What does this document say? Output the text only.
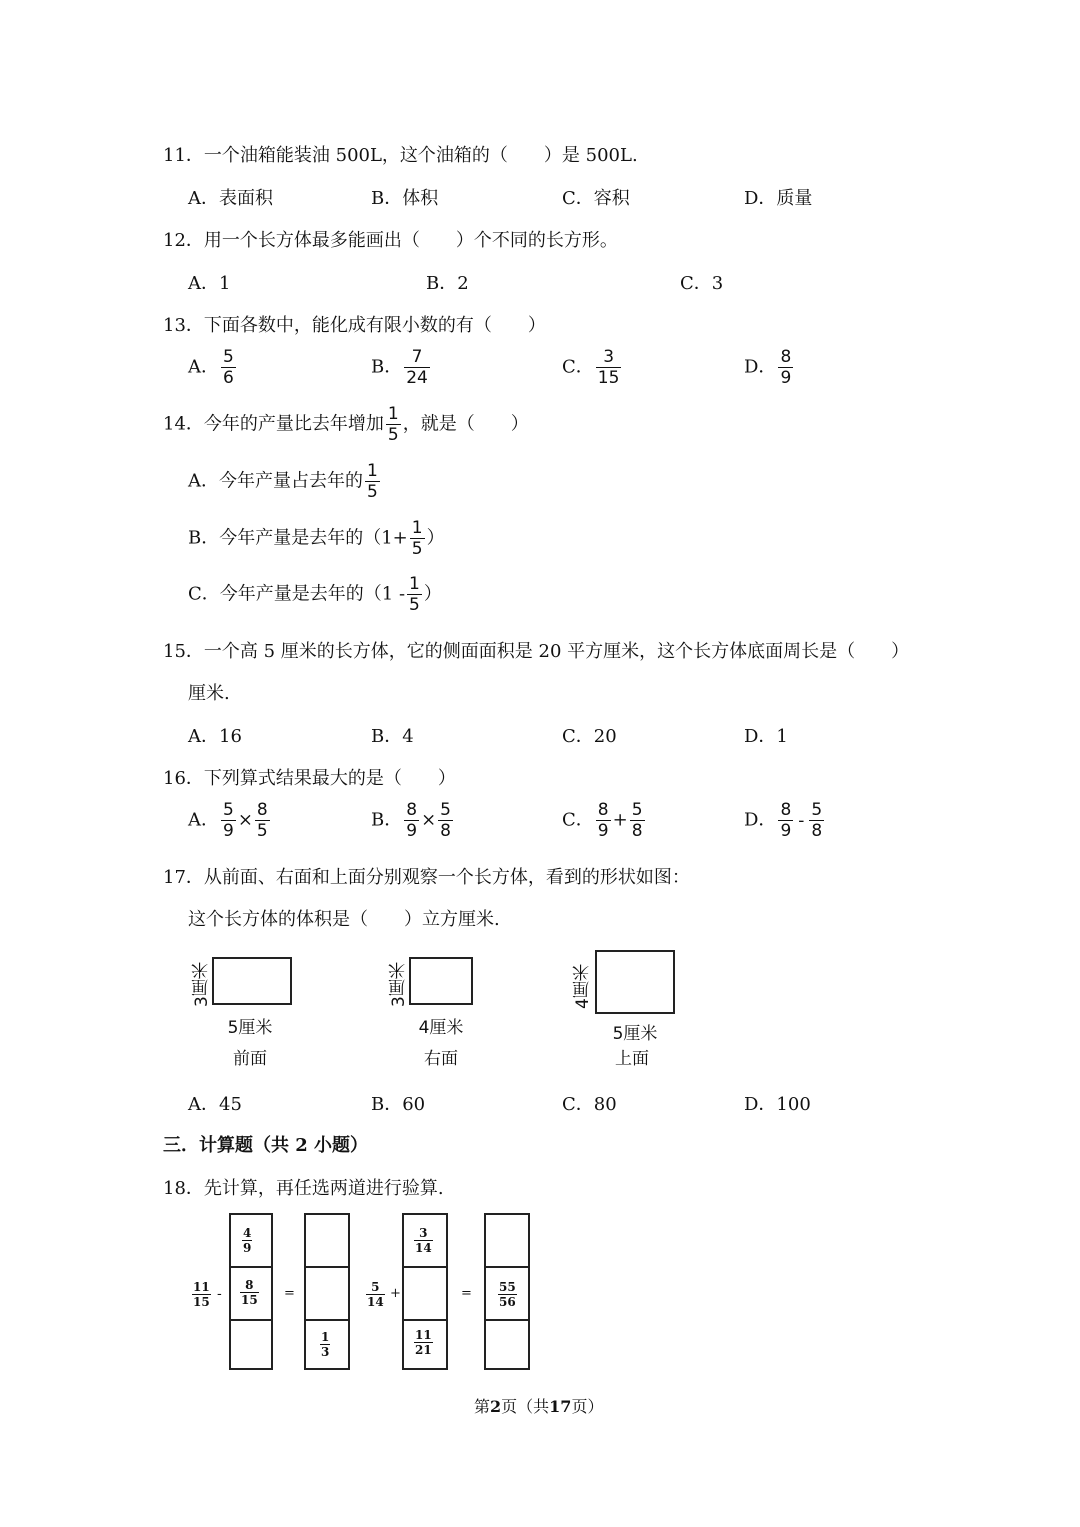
11．一个油箱能装油 500L，这个油箱的（　　）是 500L.
A．表面积	B．体积	C．容积	D．质量
12．用一个长方体最多能画出（　　）个不同的长方形。
A．1	B．2	C．3
13．下面各数中，能化成有限小数的有（　　）
A． $\frac{5}{6}$	B． $\frac{7}{24}$	C． $\frac{3}{15}$	D． $\frac{8}{9}$
14．今年的产量比去年增加 $\frac{1}{5}$ ，就是（　　）
A．今年产量占去年的 $\frac{1}{5}$
B．今年产量是去年的（$1+ \frac{1}{5}$ ）
C．今年产量是去年的（$1 - \frac{1}{5}$ ）
15．一个高 5 厘米的长方体，它的侧面面积是 20 平方厘米，这个长方体底面周长是（　　）
厘米.
A．16	B．4	C．20	D．1
16．下列算式结果最大的是（　　）
A． $\frac{5}{9} \times \frac{8}{5}$	B． $\frac{8}{9} \times \frac{5}{8}$	C． $\frac{8}{9} + \frac{5}{8}$	D． $\frac{8}{9} - \frac{5}{8}$
17．从前面、右面和上面分别观察一个长方体，看到的形状如图：
这个长方体的体积是（　　）立方厘米.
3厘米
5厘米
前面
3厘米
4厘米
右面
4厘米
5厘米
上面
A．45	B．60	C．80	D．100
三．计算题（共 2 小题）
18．先计算，再任选两道进行验算.
$\frac{11}{15}$ -
$\frac{4}{9}$
$\frac{8}{15}$ =
$\frac{1}{3}$
$\frac{5}{14}$ +
$\frac{3}{14}$
$\frac{11}{21}$
= $\frac{55}{56}$
第2页（共17页）
